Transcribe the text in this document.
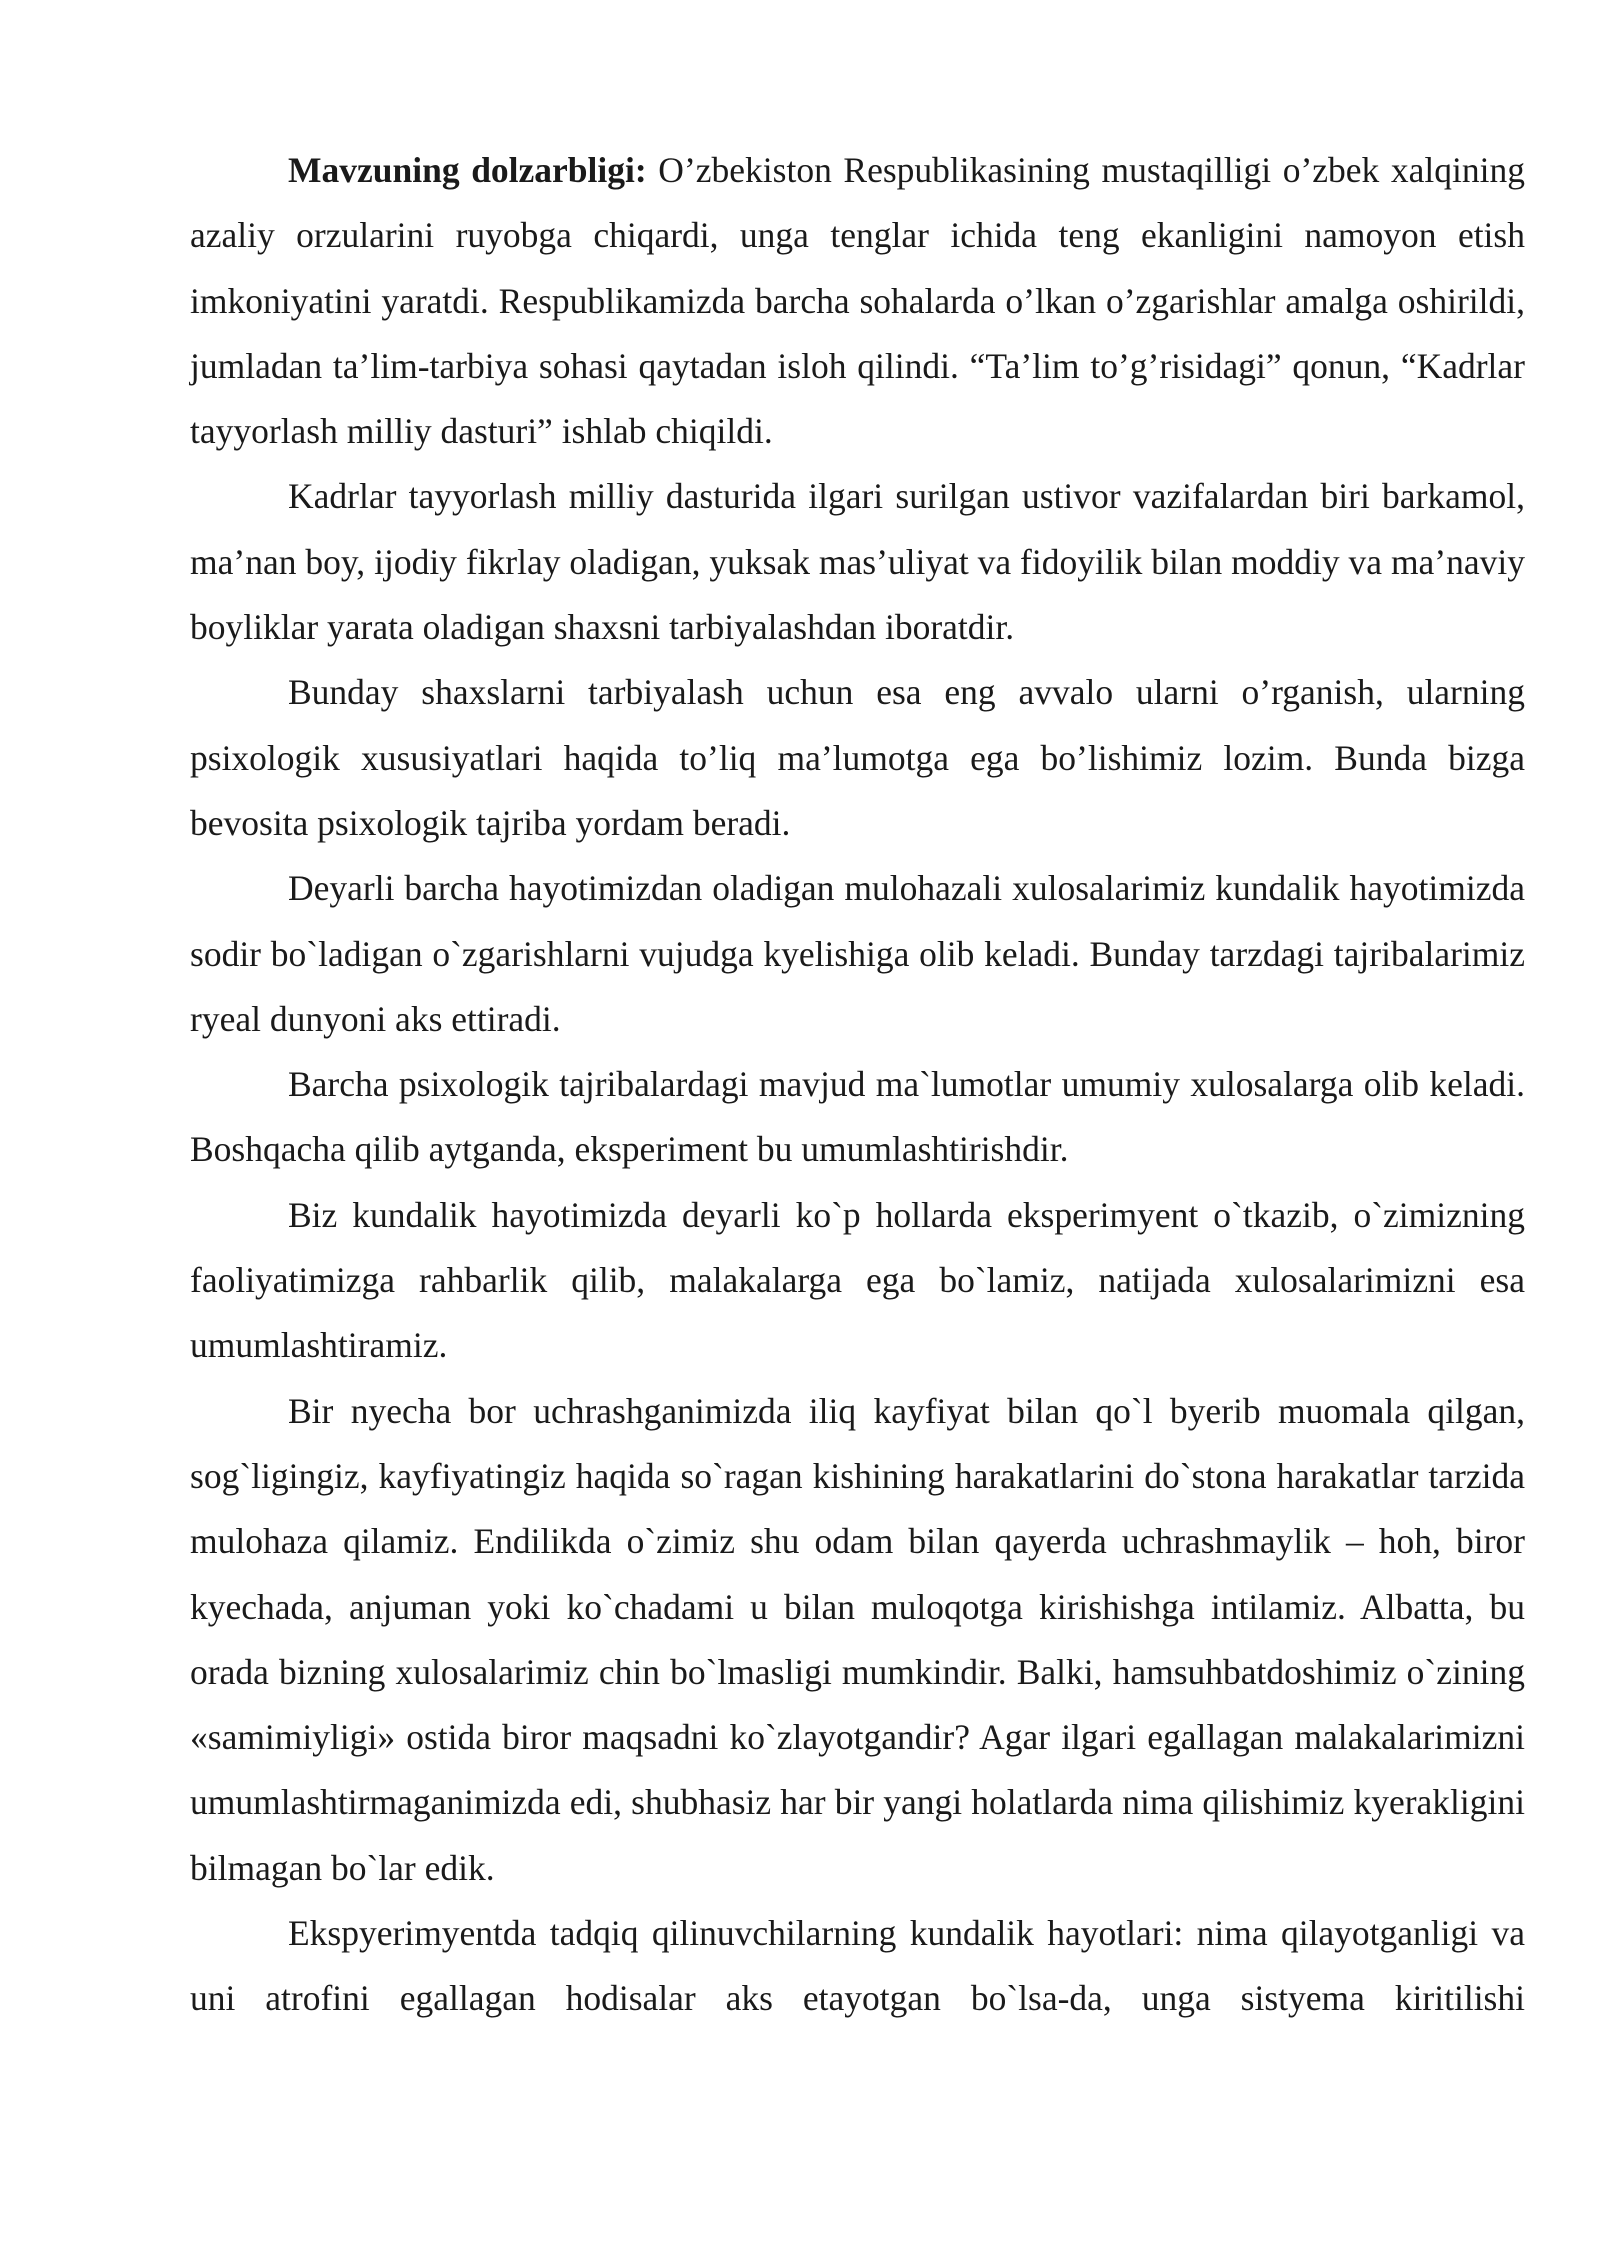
Mavzuning dolzarbligi: O’zbekiston Respublikasining mustaqilligi o’zbek xalqining azaliy orzularini ruyobga chiqardi, unga tenglar ichida teng ekanligini namoyon etish imkoniyatini yaratdi. Respublikamizda barcha sohalarda o’lkan o’zgarishlar amalga oshirildi, jumladan ta’lim-tarbiya sohasi qaytadan isloh qilindi. “Ta’lim to’g’risidagi” qonun, “Kadrlar tayyorlash milliy dasturi” ishlab chiqildi.

Kadrlar tayyorlash milliy dasturida ilgari surilgan ustivor vazifalardan biri barkamol, ma’nan boy, ijodiy fikrlay oladigan, yuksak mas’uliyat va fidoyilik bilan moddiy va ma’naviy boyliklar yarata oladigan shaxsni tarbiyalashdan iboratdir.

Bunday shaxslarni tarbiyalash uchun esa eng avvalo ularni o’rganish, ularning psixologik xususiyatlari haqida to’liq ma’lumotga ega bo’lishimiz lozim. Bunda bizga bevosita psixologik tajriba yordam beradi.

Deyarli barcha hayotimizdan oladigan mulohazali xulosalarimiz kundalik hayotimizda sodir bo`ladigan o`zgarishlarni vujudga kyelishiga olib keladi. Bunday tarzdagi tajribalarimiz ryeal dunyoni aks ettiradi.

Barcha psixologik tajribalardagi mavjud ma`lumotlar umumiy xulosalarga olib keladi. Boshqacha qilib aytganda, eksperiment bu umumlashtirishdir.

Biz kundalik hayotimizda deyarli ko`p hollarda eksperimyent o`tkazib, o`zimizning faoliyatimizga rahbarlik qilib, malakalarga ega bo`lamiz, natijada xulosalarimizni esa umumlashtiramiz.

Bir nyecha bor uchrashganimizda iliq kayfiyat bilan qo`l byerib muomala qilgan, sog`ligingiz, kayfiyatingiz haqida so`ragan kishining harakatlarini do`stona harakatlar tarzida mulohaza qilamiz. Endilikda o`zimiz shu odam bilan qayerda uchrashmaylik – hoh, biror kyechada, anjuman yoki ko`chadami u bilan muloqotga kirishishga intilamiz. Albatta, bu orada bizning xulosalarimiz chin bo`lmasligi mumkindir. Balki, hamsuhbatdoshimiz o`zining «samimiyligi» ostida biror maqsadni ko`zlayotgandir? Agar ilgari egallagan malakalarimizni umumlashtirmaganimizda edi, shubhasiz har bir yangi holatlarda nima qilishimiz kyerakligini bilmagan bo`lar edik.

Ekspyerimyentda tadqiq qilinuvchilarning kundalik hayotlari: nima qilayotganligi va uni atrofini egallagan hodisalar aks etayotgan bo`lsa-da, unga sistyema kiritilishi
